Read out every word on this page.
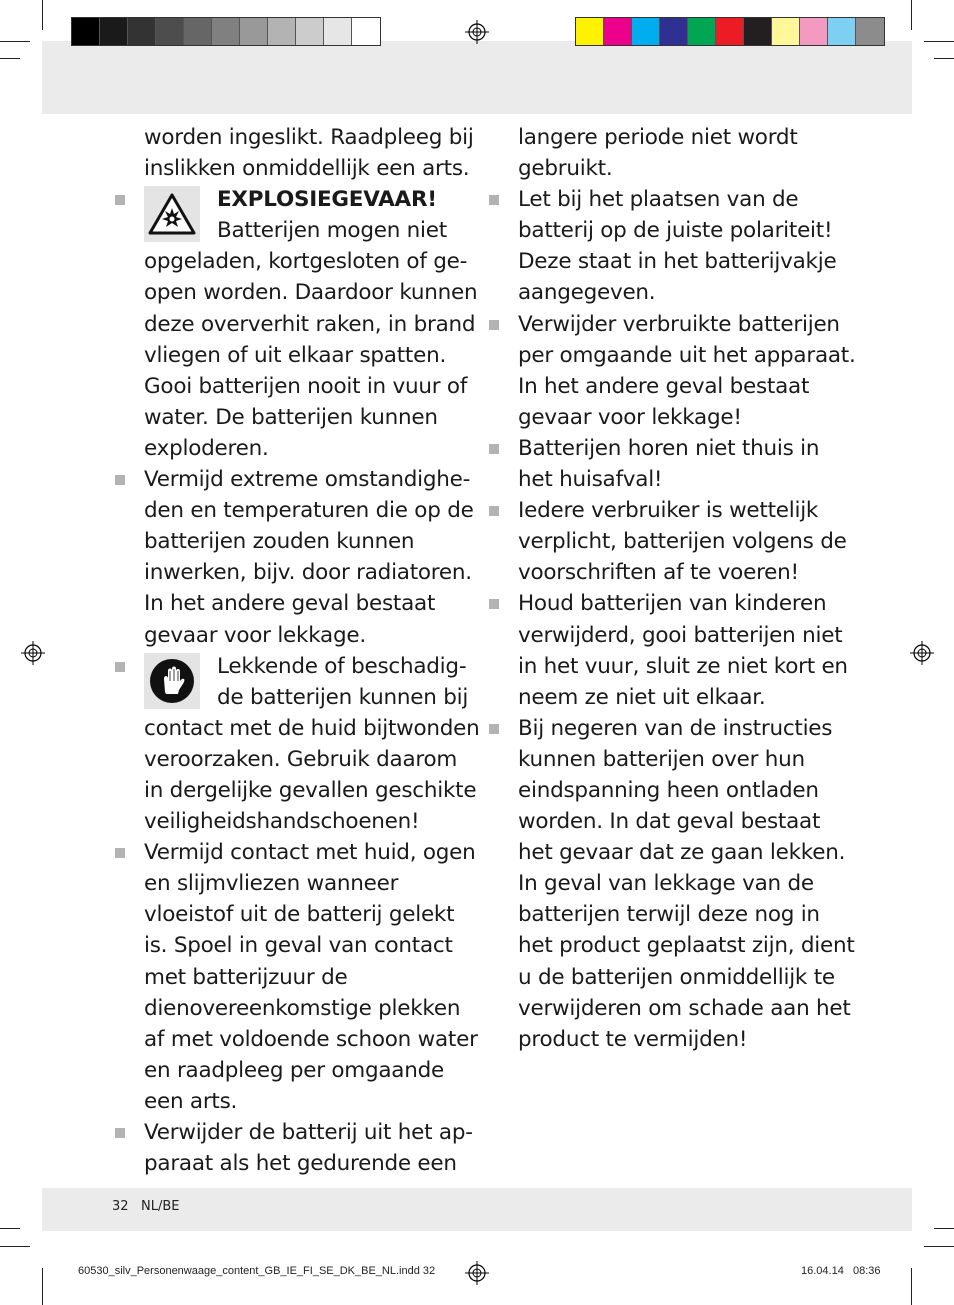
worden ingeslikt. Raadpleeg bij inslikken onmiddellijk een arts.

EXPLOSIEGEVAAR!
Batterijen mogen niet opgeladen, kortgesloten of geopen worden. Daardoor kunnen deze oververhit raken, in brand vliegen of uit elkaar spatten. Gooi batterijen nooit in vuur of water. De batterijen kunnen exploderen.
Vermijd extreme omstandigheden en temperaturen die op de batterijen zouden kunnen inwerken, bijv. door radiatoren. In het andere geval bestaat gevaar voor lekkage.
Lekkende of beschadigde batterijen kunnen bij contact met de huid bijtwonden veroorzaken. Gebruik daarom in dergelijke gevallen geschikte veiligheidshandschoenen!
Vermijd contact met huid, ogen en slijmvliezen wanneer vloeistof uit de batterij gelekt is. Spoel in geval van contact met batterijzuur de dienovereenkomstige plekken af met voldoende schoon water en raadpleeg per omgaande een arts.
Verwijder de batterij uit het apparaat als het gedurende een

langere periode niet wordt gebruikt.

Let bij het plaatsen van de batterij op de juiste polariteit! Deze staat in het batterijvakje aangegeven.
Verwijder verbruikte batterijen per omgaande uit het apparaat. In het andere geval bestaat gevaar voor lekkage!
Batterijen horen niet thuis in het huisafval!
Iedere verbruiker is wettelijk verplicht, batterijen volgens de voorschriften af te voeren!
Houd batterijen van kinderen verwijderd, gooi batterijen niet in het vuur, sluit ze niet kort en neem ze niet uit elkaar.
Bij negeren van de instructies kunnen batterijen over hun eindspanning heen ontladen worden. In dat geval bestaat het gevaar dat ze gaan lekken. In geval van lekkage van de batterijen terwijl deze nog in het product geplaatst zijn, dient u de batterijen onmiddellijk te verwijderen om schade aan het product te vermijden!
32 NL/BE
60530_silv_Personenwaage_content_GB_IE_FI_SE_DK_BE_NL.indd 32	16.04.14 08:36
